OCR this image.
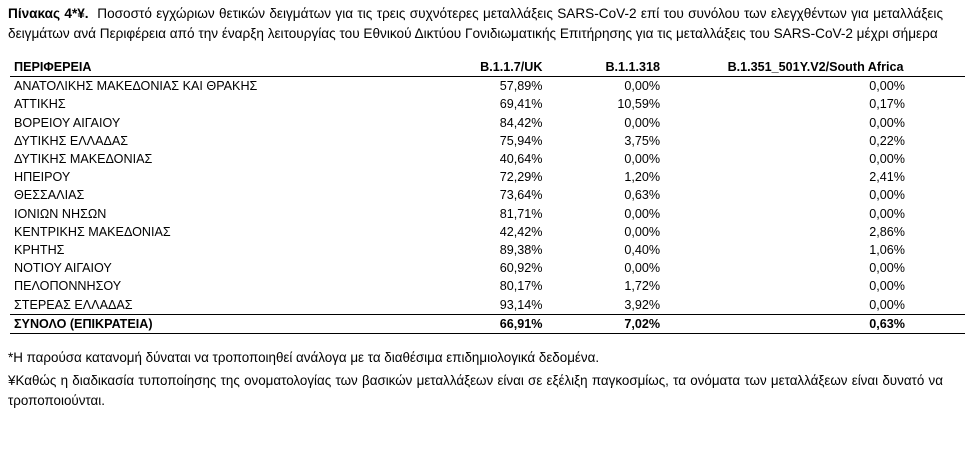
Πίνακας 4*¥. Ποσοστό εγχώριων θετικών δειγμάτων για τις τρεις συχνότερες μεταλλάξεις SARS-CoV-2 επί του συνόλου των ελεγχθέντων για μεταλλάξεις δειγμάτων ανά Περιφέρεια από την έναρξη λειτουργίας του Εθνικού Δικτύου Γονιδιωματικής Επιτήρησης για τις μεταλλάξεις του SARS-CoV-2 μέχρι σήμερα
ΠΕΡΙΦΕΡΕΙΑ	B.1.1.7/UK	B.1.1.318	B.1.351_501Y.V2/South Africa
ΑΝΑΤΟΛΙΚΗΣ ΜΑΚΕΔΟΝΙΑΣ ΚΑΙ ΘΡΑΚΗΣ	57,89%	0,00%	0,00%
ΑΤΤΙΚΗΣ	69,41%	10,59%	0,17%
ΒΟΡΕΙΟΥ ΑΙΓΑΙΟΥ	84,42%	0,00%	0,00%
ΔΥΤΙΚΗΣ ΕΛΛΑΔΑΣ	75,94%	3,75%	0,22%
ΔΥΤΙΚΗΣ ΜΑΚΕΔΟΝΙΑΣ	40,64%	0,00%	0,00%
ΗΠΕΙΡΟΥ	72,29%	1,20%	2,41%
ΘΕΣΣΑΛΙΑΣ	73,64%	0,63%	0,00%
ΙΟΝΙΩΝ ΝΗΣΩΝ	81,71%	0,00%	0,00%
ΚΕΝΤΡΙΚΗΣ ΜΑΚΕΔΟΝΙΑΣ	42,42%	0,00%	2,86%
ΚΡΗΤΗΣ	89,38%	0,40%	1,06%
ΝΟΤΙΟΥ ΑΙΓΑΙΟΥ	60,92%	0,00%	0,00%
ΠΕΛΟΠΟΝΝΗΣΟΥ	80,17%	1,72%	0,00%
ΣΤΕΡΕΑΣ ΕΛΛΑΔΑΣ	93,14%	3,92%	0,00%
ΣΥΝΟΛΟ (ΕΠΙΚΡΑΤΕΙΑ)	66,91%	7,02%	0,63%

*Η παρούσα κατανομή δύναται να τροποποιηθεί ανάλογα με τα διαθέσιμα επιδημιολογικά δεδομένα.

¥Καθώς η διαδικασία τυποποίησης της ονοματολογίας των βασικών μεταλλάξεων είναι σε εξέλιξη παγκοσμίως, τα ονόματα των μεταλλάξεων είναι δυνατό να τροποποιούνται.
